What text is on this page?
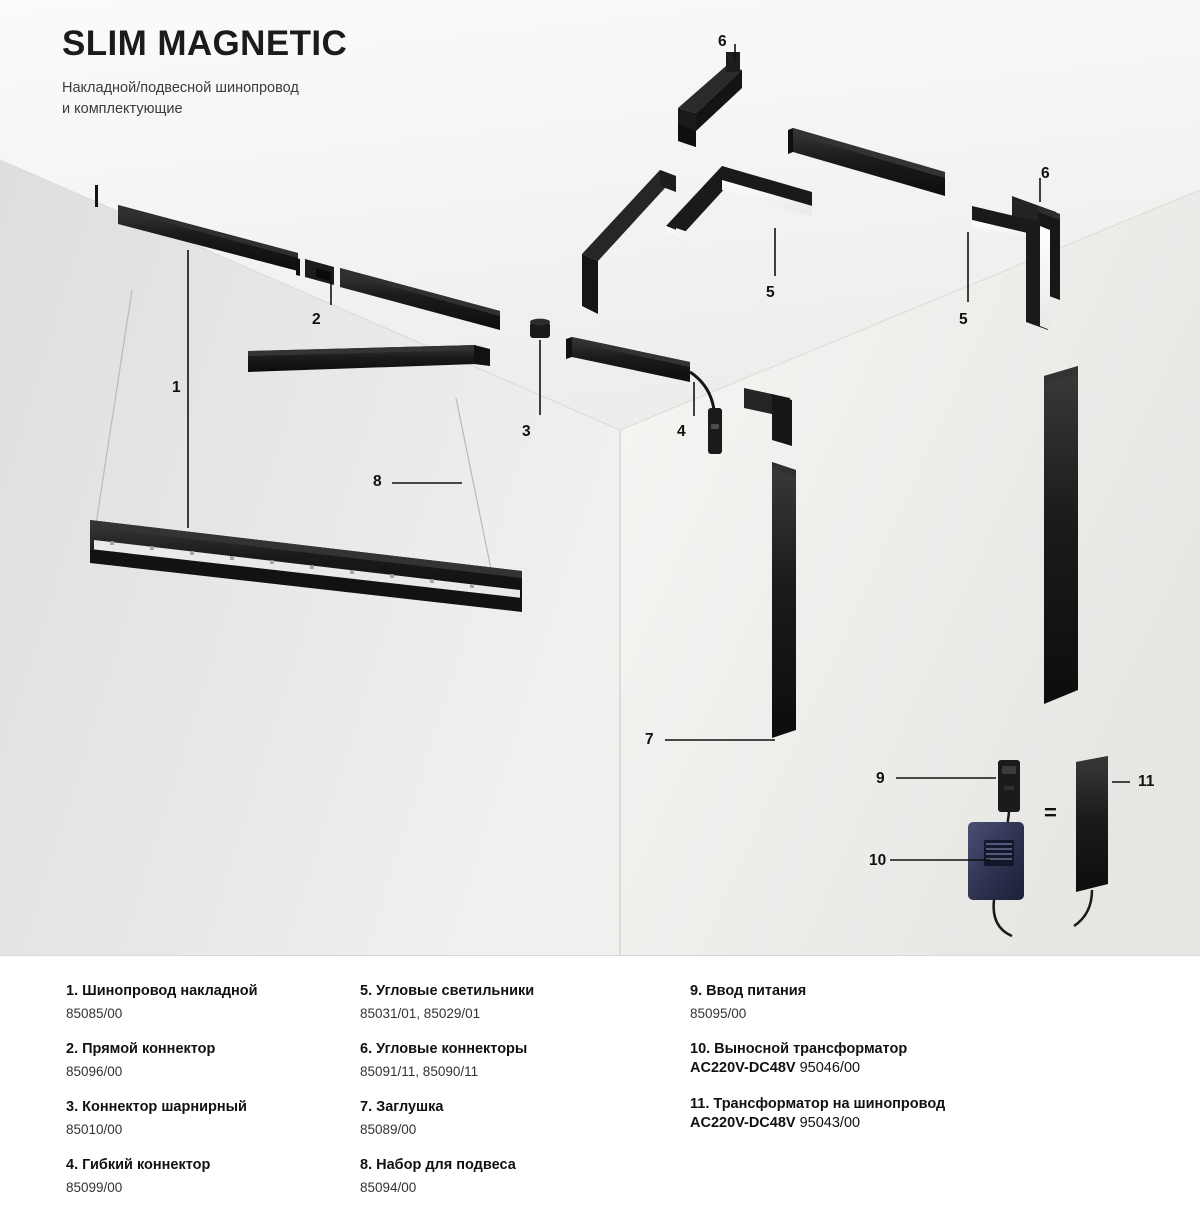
=
SLIM MAGNETIC
Накладной/подвесной шинопровод
и комплектующие
1
2
3	4
5
5
6
6
7
8
9
10
11
1. Шинопровод накладной
85085/00
2. Прямой коннектор
85096/00
3. Коннектор шарнирный
85010/00
4. Гибкий коннектор
85099/00
5. Угловые светильники
85031/01, 85029/01
6. Угловые коннекторы
85091/11, 85090/11
7. Заглушка
85089/00
8. Набор для подвеса
85094/00
9. Ввод питания
85095/00
10. Выносной трансформатор
AC220V-DC48V 95046/00
11. Трансформатор на шинопровод
AC220V-DC48V 95043/00
